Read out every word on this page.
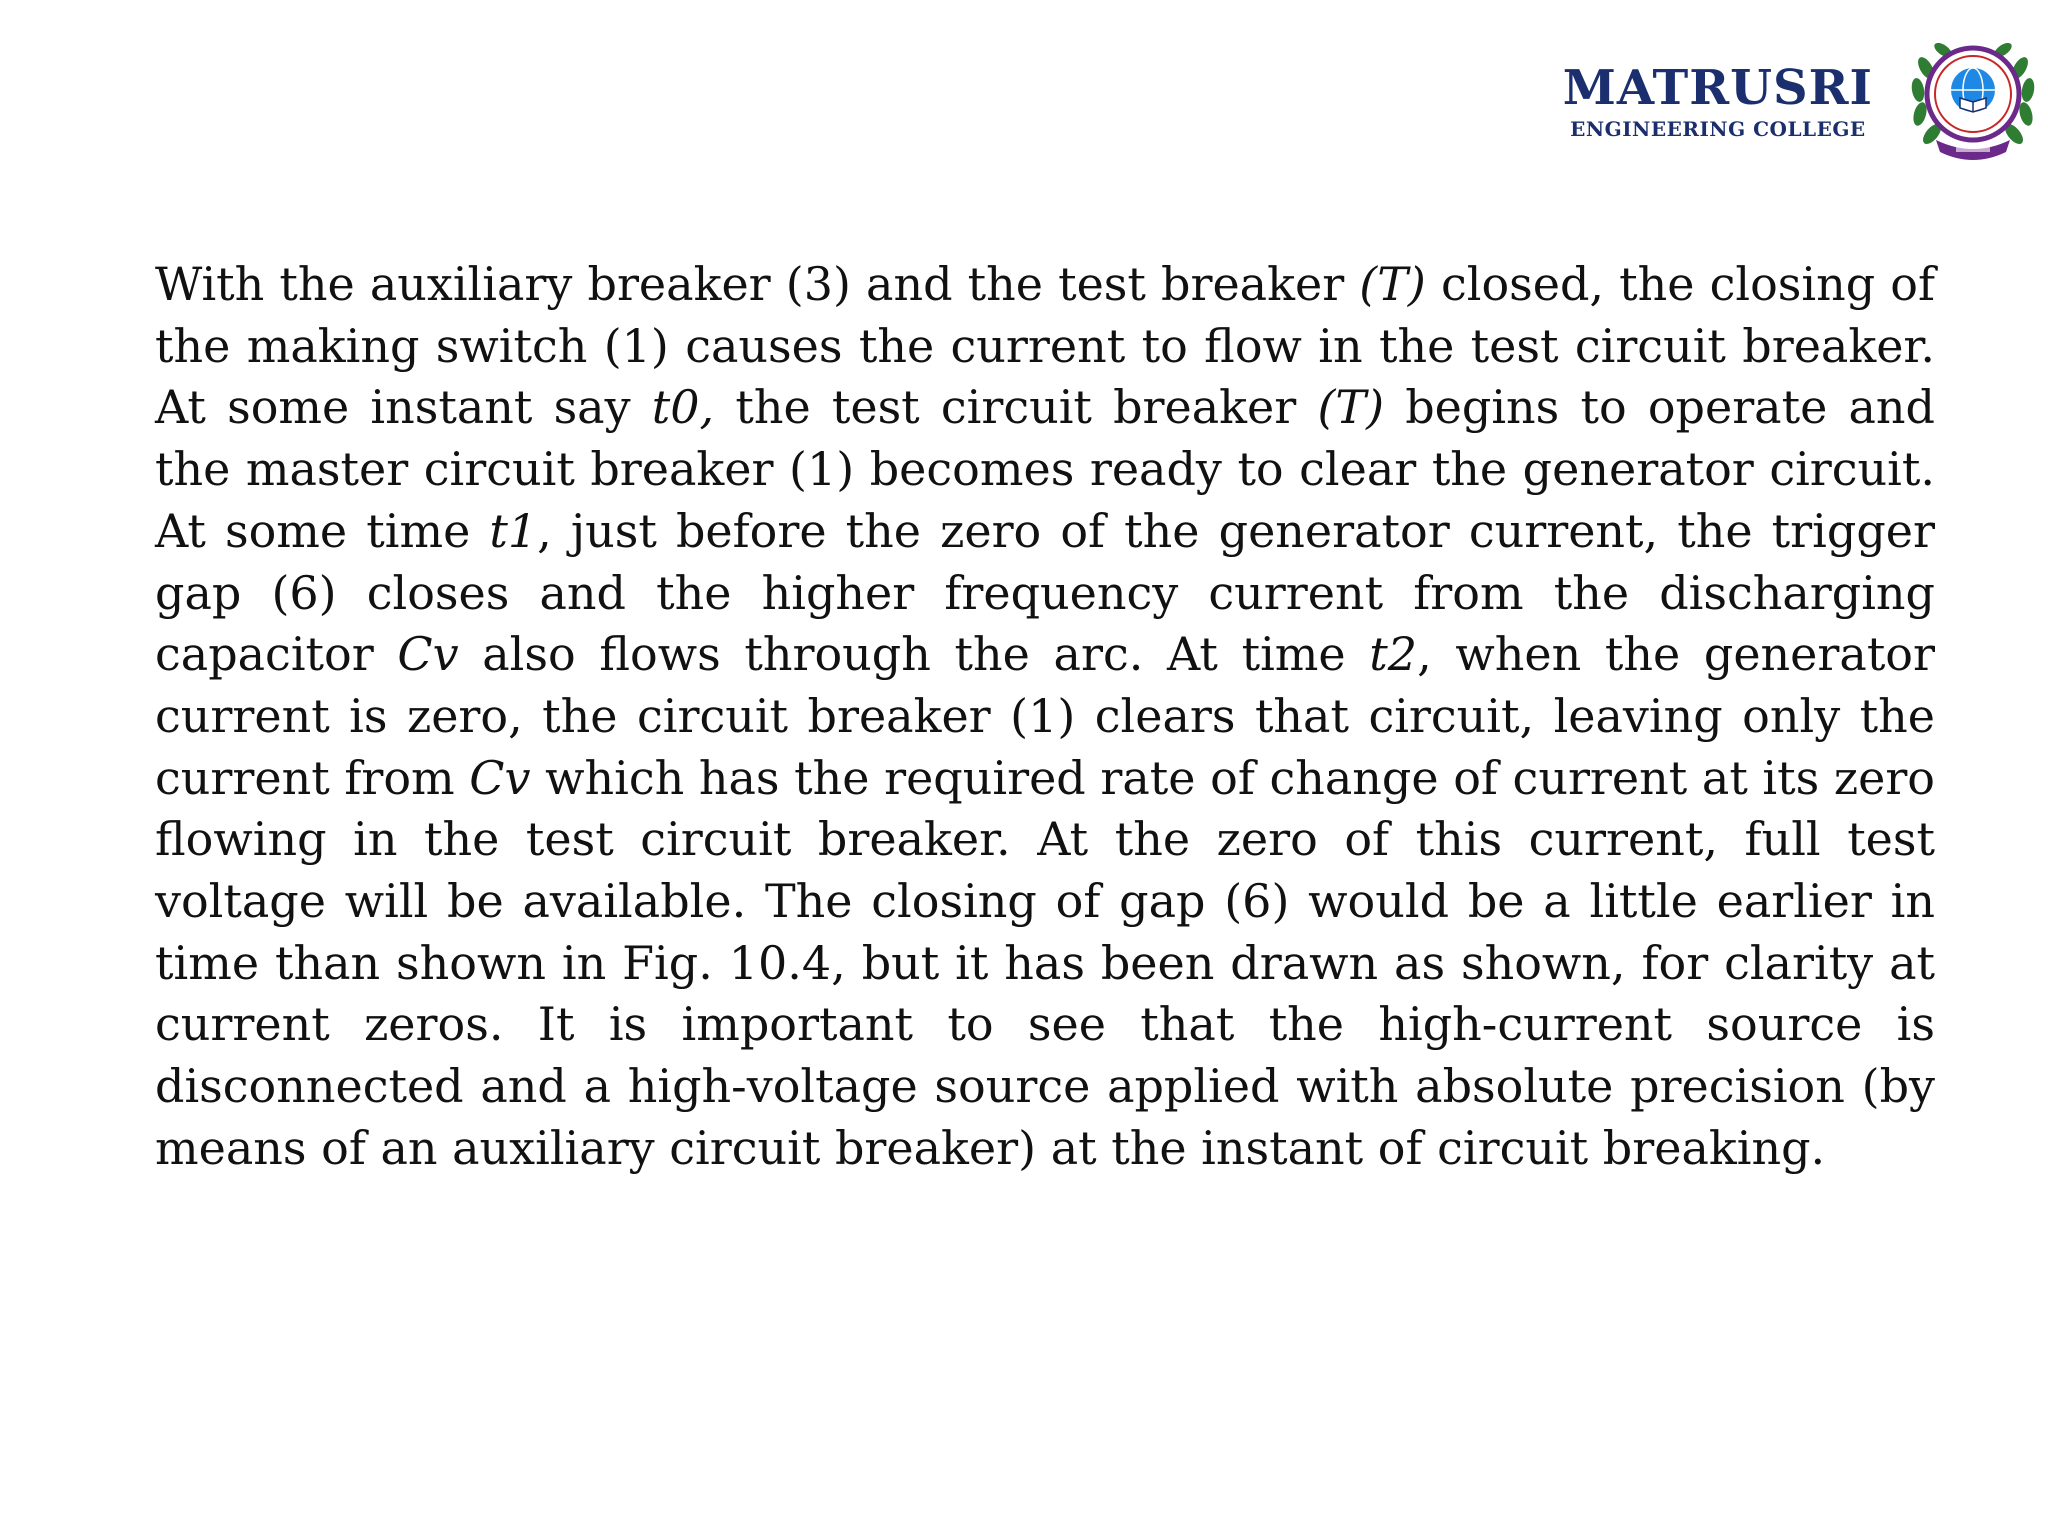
MATRUSRI
ENGINEERING COLLEGE

With the auxiliary breaker (3) and the test breaker (T) closed, the closing of the making switch (1) causes the current to flow in the test circuit breaker. At some instant say t0, the test circuit breaker (T) begins to operate and the master circuit breaker (1) becomes ready to clear the generator circuit. At some time t1, just before the zero of the generator current, the trigger gap (6) closes and the higher frequency current from the discharging capacitor Cv also flows through the arc. At time t2, when the generator current is zero, the circuit breaker (1) clears that circuit, leaving only the current from Cv which has the required rate of change of current at its zero flowing in the test circuit breaker. At the zero of this current, full test voltage will be available. The closing of gap (6) would be a little earlier in time than shown in Fig. 10.4, but it has been drawn as shown, for clarity at current zeros. It is important to see that the high-current source is disconnected and a high-voltage source applied with absolute precision (by means of an auxiliary circuit breaker) at the instant of circuit breaking.
